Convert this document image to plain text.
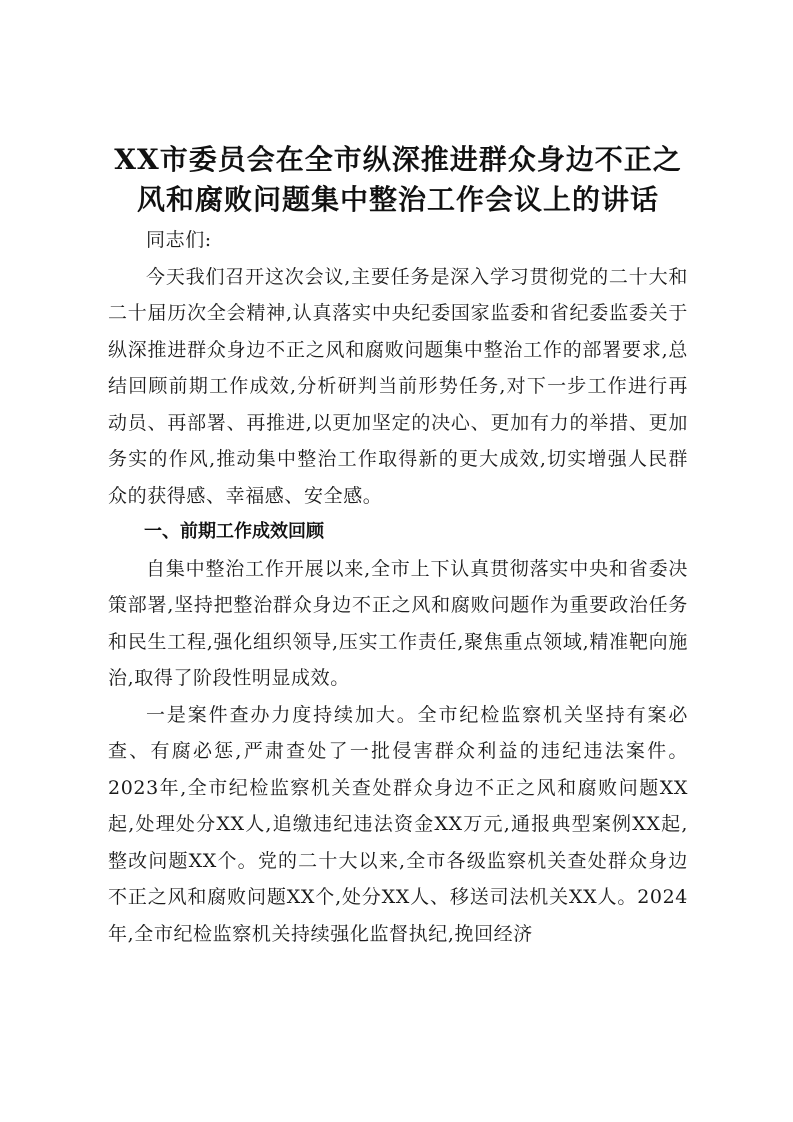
XX市委员会在全市纵深推进群众身边不正之风和腐败问题集中整治工作会议上的讲话

同志们:

今天我们召开这次会议,主要任务是深入学习贯彻党的二十大和二十届历次全会精神,认真落实中央纪委国家监委和省纪委监委关于纵深推进群众身边不正之风和腐败问题集中整治工作的部署要求,总结回顾前期工作成效,分析研判当前形势任务,对下一步工作进行再动员、再部署、再推进,以更加坚定的决心、更加有力的举措、更加务实的作风,推动集中整治工作取得新的更大成效,切实增强人民群众的获得感、幸福感、安全感。

一、前期工作成效回顾

自集中整治工作开展以来,全市上下认真贯彻落实中央和省委决策部署,坚持把整治群众身边不正之风和腐败问题作为重要政治任务和民生工程,强化组织领导,压实工作责任,聚焦重点领域,精准靶向施治,取得了阶段性明显成效。

一是案件查办力度持续加大。全市纪检监察机关坚持有案必查、有腐必惩,严肃查处了一批侵害群众利益的违纪违法案件。2023年,全市纪检监察机关查处群众身边不正之风和腐败问题XX起,处理处分XX人,追缴违纪违法资金XX万元,通报典型案例XX起,整改问题XX个。党的二十大以来,全市各级监察机关查处群众身边不正之风和腐败问题XX个,处分XX人、移送司法机关XX人。2024年,全市纪检监察机关持续强化监督执纪,挽回经济
